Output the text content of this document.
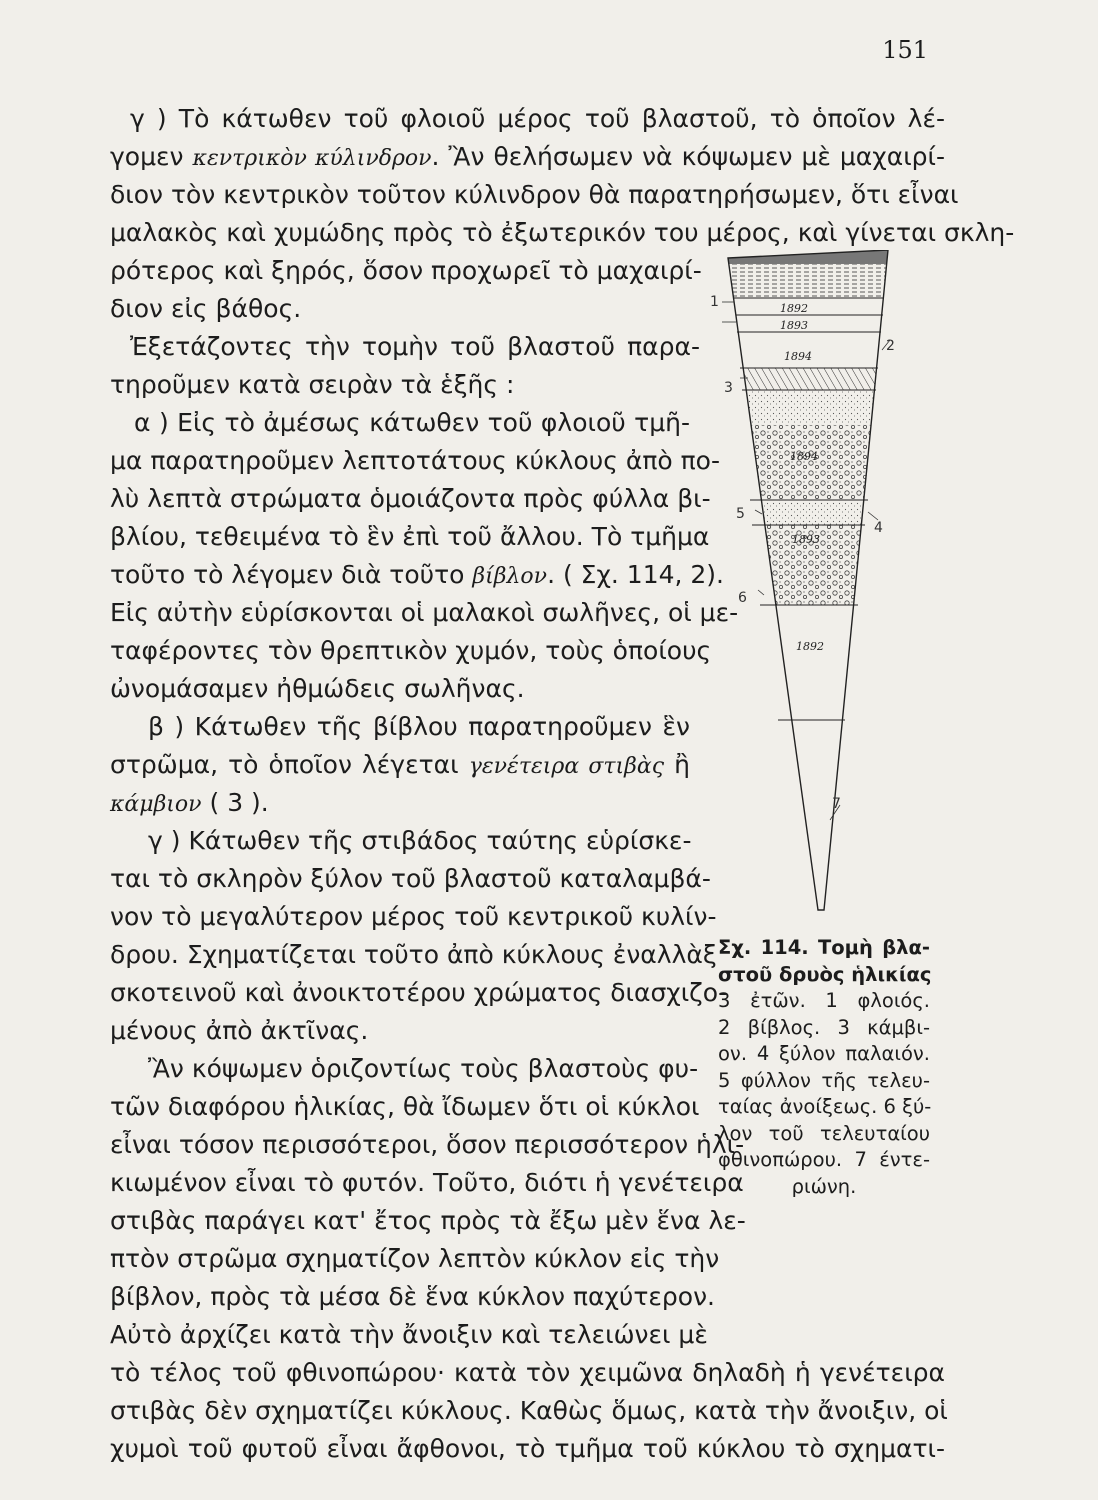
151
γ ) Τὸ κάτωθεν τοῦ φλοιοῦ μέρος τοῦ βλαστοῦ, τὸ ὁποῖον λέ-
γομεν κεντρικὸν κύλινδρον. Ἂν θελήσωμεν νὰ κόψωμεν μὲ μαχαιρί-
διον τὸν κεντρικὸν τοῦτον κύλινδρον θὰ παρατηρήσωμεν, ὅτι εἶναι
μαλακὸς καὶ χυμώδης πρὸς τὸ ἐξωτερικόν του μέρος, καὶ γίνεται σκλη-
ρότερος καὶ ξηρός, ὅσον προχωρεῖ τὸ μαχαιρί-
διον εἰς βάθος.
Ἐξετάζοντες τὴν τομὴν τοῦ βλαστοῦ παρα-
τηροῦμεν κατὰ σειρὰν τὰ ἑξῆς :
α ) Εἰς τὸ ἀμέσως κάτωθεν τοῦ φλοιοῦ τμῆ-
μα παρατηροῦμεν λεπτοτάτους κύκλους ἀπὸ πο-
λὺ λεπτὰ στρώματα ὁμοιάζοντα πρὸς φύλλα βι-
βλίου, τεθειμένα τὸ ἓν ἐπὶ τοῦ ἄλλου. Τὸ τμῆμα
τοῦτο τὸ λέγομεν διὰ τοῦτο βίβλον. ( Σχ. 114, 2).
Εἰς αὐτὴν εὑρίσκονται οἱ μαλακοὶ σωλῆνες, οἱ με-
ταφέροντες τὸν θρεπτικὸν χυμόν, τοὺς ὁποίους
ὠνομάσαμεν ἠθμώδεις σωλῆνας.
β ) Κάτωθεν τῆς βίβλου παρατηροῦμεν ἓν
στρῶμα, τὸ ὁποῖον λέγεται γενέτειρα στιβὰς ἢ
κάμβιον ( 3 ).
γ ) Κάτωθεν τῆς στιβάδος ταύτης εὑρίσκε-
ται τὸ σκληρὸν ξύλον τοῦ βλαστοῦ καταλαμβά-
νον τὸ μεγαλύτερον μέρος τοῦ κεντρικοῦ κυλίν-
δρου. Σχηματίζεται τοῦτο ἀπὸ κύκλους ἐναλλὰξ
σκοτεινοῦ καὶ ἀνοικτοτέρου χρώματος διασχιζο-
μένους ἀπὸ ἀκτῖνας.
Ἂν κόψωμεν ὁριζοντίως τοὺς βλαστοὺς φυ-
τῶν διαφόρου ἡλικίας, θὰ ἴδωμεν ὅτι οἱ κύκλοι
εἶναι τόσον περισσότεροι, ὅσον περισσότερον ἡλι-
κιωμένον εἶναι τὸ φυτόν. Τοῦτο, διότι ἡ γενέτειρα
στιβὰς παράγει κατ' ἔτος πρὸς τὰ ἔξω μὲν ἕνα λε-
πτὸν στρῶμα σχηματίζον λεπτὸν κύκλον εἰς τὴν
βίβλον, πρὸς τὰ μέσα δὲ ἕνα κύκλον παχύτερον.
Αὐτὸ ἀρχίζει κατὰ τὴν ἄνοιξιν καὶ τελειώνει μὲ
τὸ τέλος τοῦ φθινοπώρου· κατὰ τὸν χειμῶνα δηλαδὴ ἡ γενέτειρα
στιβὰς δὲν σχηματίζει κύκλους. Καθὼς ὅμως, κατὰ τὴν ἄνοιξιν, οἱ
χυμοὶ τοῦ φυτοῦ εἶναι ἄφθονοι, τὸ τμῆμα τοῦ κύκλου τὸ σχηματι-
1892
1893
1894
1894
1893
1892
1
2
3
4
5
6
7
Σχ. 114. Τομὴ βλα-
στοῦ δρυὸς ἡλικίας
3 ἐτῶν. 1 φλοιός.
2 βίβλος. 3 κάμβι-
ον. 4 ξύλον παλαιόν.
5 φύλλον τῆς τελευ-
ταίας ἀνοίξεως. 6 ξύ-
λον τοῦ τελευταίου
φθινοπώρου. 7 έντε-
ριώνη.
